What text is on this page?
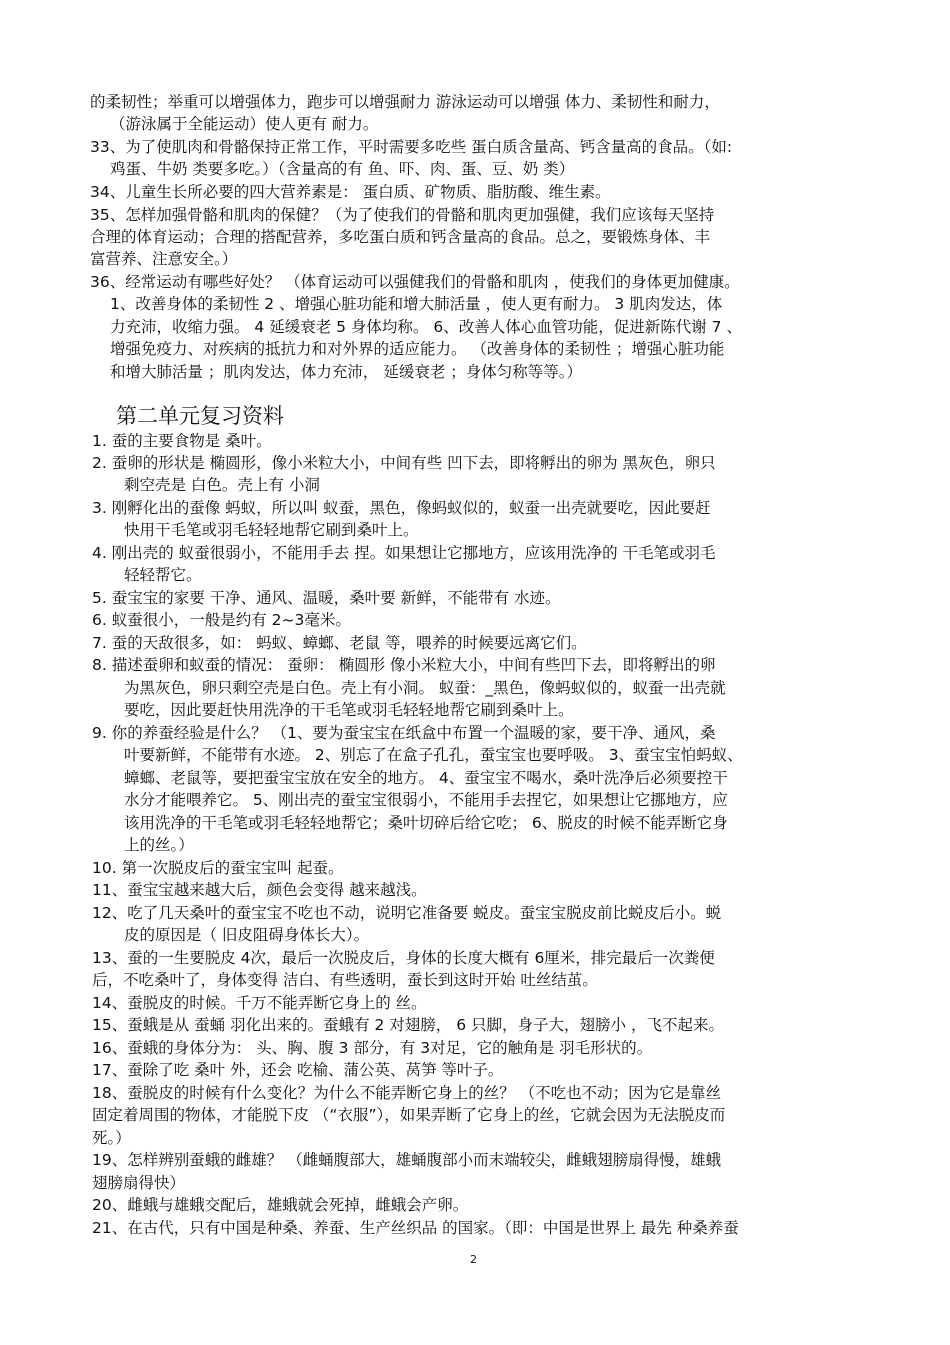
的柔韧性；举重可以增强体力，跑步可以增强耐力 游泳运动可以增强 体力、柔韧性和耐力，
（游泳属于全能运动）使人更有 耐力。
33、为了使肌肉和骨骼保持正常工作，平时需要多吃些 蛋白质含量高、钙含量高的食品。（如:
鸡蛋、牛奶 类要多吃。）（含量高的有 鱼、吓、肉、蛋、豆、奶 类）
34、儿童生长所必要的四大营养素是： 蛋白质、矿物质、脂肪酸、维生素。
35、怎样加强骨骼和肌肉的保健？（为了使我们的骨骼和肌肉更加强健，我们应该每天坚持
合理的体育运动；合理的搭配营养，多吃蛋白质和钙含量高的食品。总之，要锻炼身体、丰
富营养、注意安全。）
36、经常运动有哪些好处？ （体育运动可以强健我们的骨骼和肌肉 ，使我们的身体更加健康。
1、改善身体的柔韧性 2 、增强心脏功能和增大肺活量 ，使人更有耐力。 3 肌肉发达，体
力充沛，收缩力强。 4 延缓衰老 5 身体均称。 6、改善人体心血管功能，促进新陈代谢 7 、
增强免疫力、对疾病的抵抗力和对外界的适应能力。 （改善身体的柔韧性 ；增强心脏功能
和增大肺活量 ；肌肉发达，体力充沛， 延缓衰老 ；身体匀称等等。）
第二单元复习资料
1. 蚕的主要食物是 桑叶。
2. 蚕卵的形状是 椭圆形，像小米粒大小，中间有些 凹下去，即将孵出的卵为 黑灰色，卵只
剩空壳是 白色。壳上有 小洞
3. 刚孵化出的蚕像 蚂蚁，所以叫 蚁蚕，黑色，像蚂蚁似的，蚁蚕一出壳就要吃，因此要赶
快用干毛笔或羽毛轻轻地帮它刷到桑叶上。
4. 刚出壳的 蚁蚕很弱小，不能用手去 捏。如果想让它挪地方，应该用洗净的 干毛笔或羽毛
轻轻帮它。
5. 蚕宝宝的家要 干净、通风、温暖，桑叶要 新鲜，不能带有 水迹。
6. 蚁蚕很小，一般是约有 2~3毫米。
7. 蚕的天敌很多，如： 蚂蚁、蟑螂、老鼠 等，喂养的时候要远离它们。
8. 描述蚕卵和蚁蚕的情况： 蚕卵： 椭圆形 像小米粒大小，中间有些凹下去，即将孵出的卵
为黑灰色，卵只剩空壳是白色。壳上有小洞。 蚁蚕：_黑色，像蚂蚁似的，蚁蚕一出壳就
要吃，因此要赶快用洗净的干毛笔或羽毛轻轻地帮它刷到桑叶上。
9. 你的养蚕经验是什么？ （1、要为蚕宝宝在纸盒中布置一个温暖的家，要干净、通风，桑
叶要新鲜，不能带有水迹。 2、别忘了在盒子孔孔，蚕宝宝也要呼吸。 3、蚕宝宝怕蚂蚁、
蟑螂、老鼠等，要把蚕宝宝放在安全的地方。 4、蚕宝宝不喝水，桑叶洗净后必须要控干
水分才能喂养它。 5、刚出壳的蚕宝宝很弱小，不能用手去捏它，如果想让它挪地方，应
该用洗净的干毛笔或羽毛轻轻地帮它；桑叶切碎后给它吃； 6、脱皮的时候不能弄断它身
上的丝。）
10. 第一次脱皮后的蚕宝宝叫 起蚕。
11、蚕宝宝越来越大后，颜色会变得 越来越浅。
12、吃了几天桑叶的蚕宝宝不吃也不动，说明它准备要 蜕皮。蚕宝宝脱皮前比蜕皮后小。蜕
皮的原因是（ 旧皮阻碍身体长大）。
13、蚕的一生要脱皮 4次，最后一次脱皮后，身体的长度大概有 6厘米，排完最后一次粪便
后，不吃桑叶了，身体变得 洁白、有些透明，蚕长到这时开始 吐丝结茧。
14、蚕脱皮的时候。千万不能弄断它身上的 丝。
15、蚕蛾是从 蚕蛹 羽化出来的。蚕蛾有 2 对翅膀， 6 只脚，身子大，翅膀小 ，飞不起来。
16、蚕蛾的身体分为： 头、胸、腹 3 部分，有 3对足，它的触角是 羽毛形状的。
17、蚕除了吃 桑叶 外，还会 吃榆、蒲公英、莴笋 等叶子。
18、蚕脱皮的时候有什么变化？为什么不能弄断它身上的丝？ （不吃也不动；因为它是靠丝
固定着周围的物体，才能脱下皮 （“衣服”），如果弄断了它身上的丝，它就会因为无法脱皮而
死。）
19、怎样辨别蚕蛾的雌雄？ （雌蛹腹部大，雄蛹腹部小而末端较尖，雌蛾翅膀扇得慢，雄蛾
翅膀扇得快）
20、雌蛾与雄蛾交配后，雄蛾就会死掉，雌蛾会产卵。
21、在古代，只有中国是种桑、养蚕、生产丝织品 的国家。（即：中国是世界上 最先 种桑养蚕
2
